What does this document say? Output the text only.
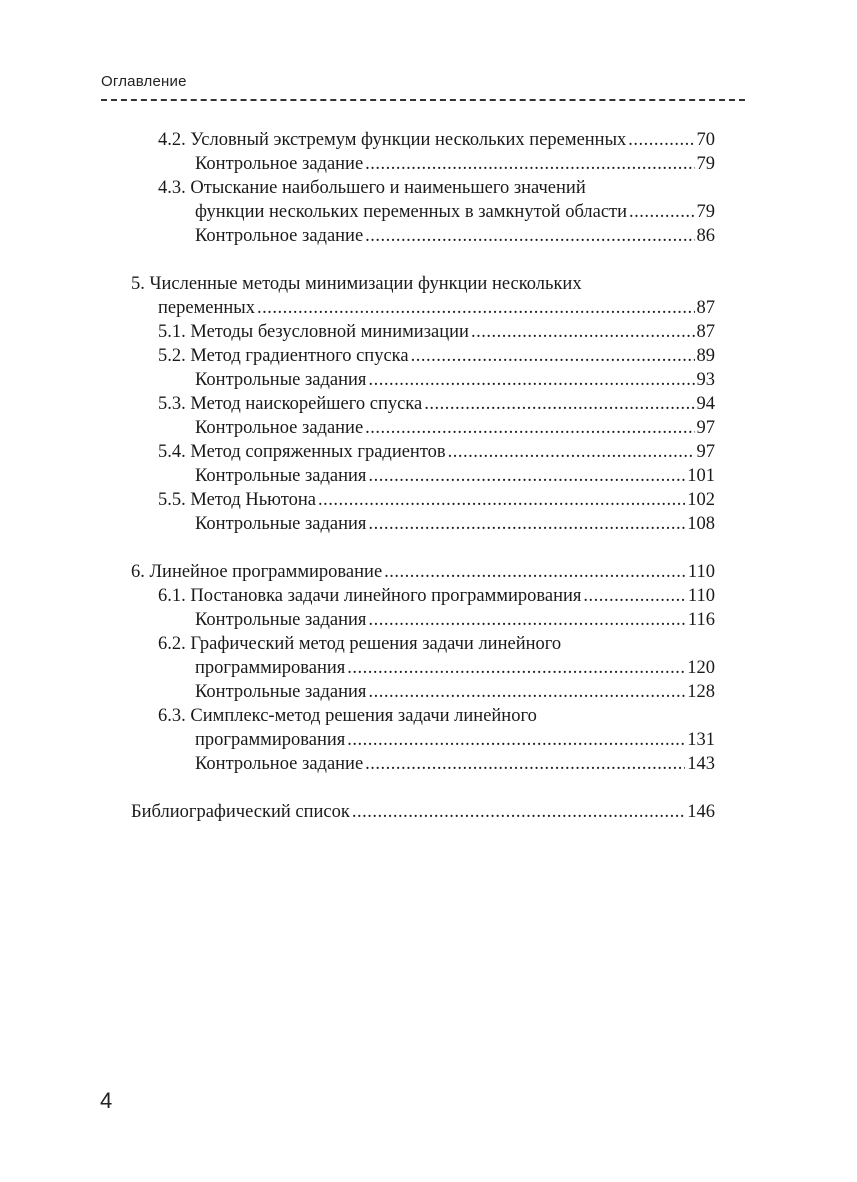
Оглавление
4.2. Условный экстремум функции нескольких переменных .....	70
Контрольное задание .....	79
4.3. Отыскание наибольшего и наименьшего значений
функции нескольких переменных в замкнутой области .....	79
Контрольное задание .....	86
5. Численные методы минимизации функции нескольких
переменных .....	87
5.1. Методы безусловной минимизации .....	87
5.2. Метод градиентного спуска .....	89
Контрольные задания .....	93
5.3. Метод наискорейшего спуска .....	94
Контрольное задание .....	97
5.4. Метод сопряженных градиентов .....	97
Контрольные задания .....	101
5.5. Метод Ньютона .....	102
Контрольные задания .....	108
6. Линейное программирование .....	110
6.1. Постановка задачи линейного программирования .....	110
Контрольные задания .....	116
6.2. Графический метод решения задачи линейного
программирования .....	120
Контрольные задания .....	128
6.3. Симплекс-метод решения задачи линейного
программирования .....	131
Контрольное задание .....	143
Библиографический список .....	146
4
